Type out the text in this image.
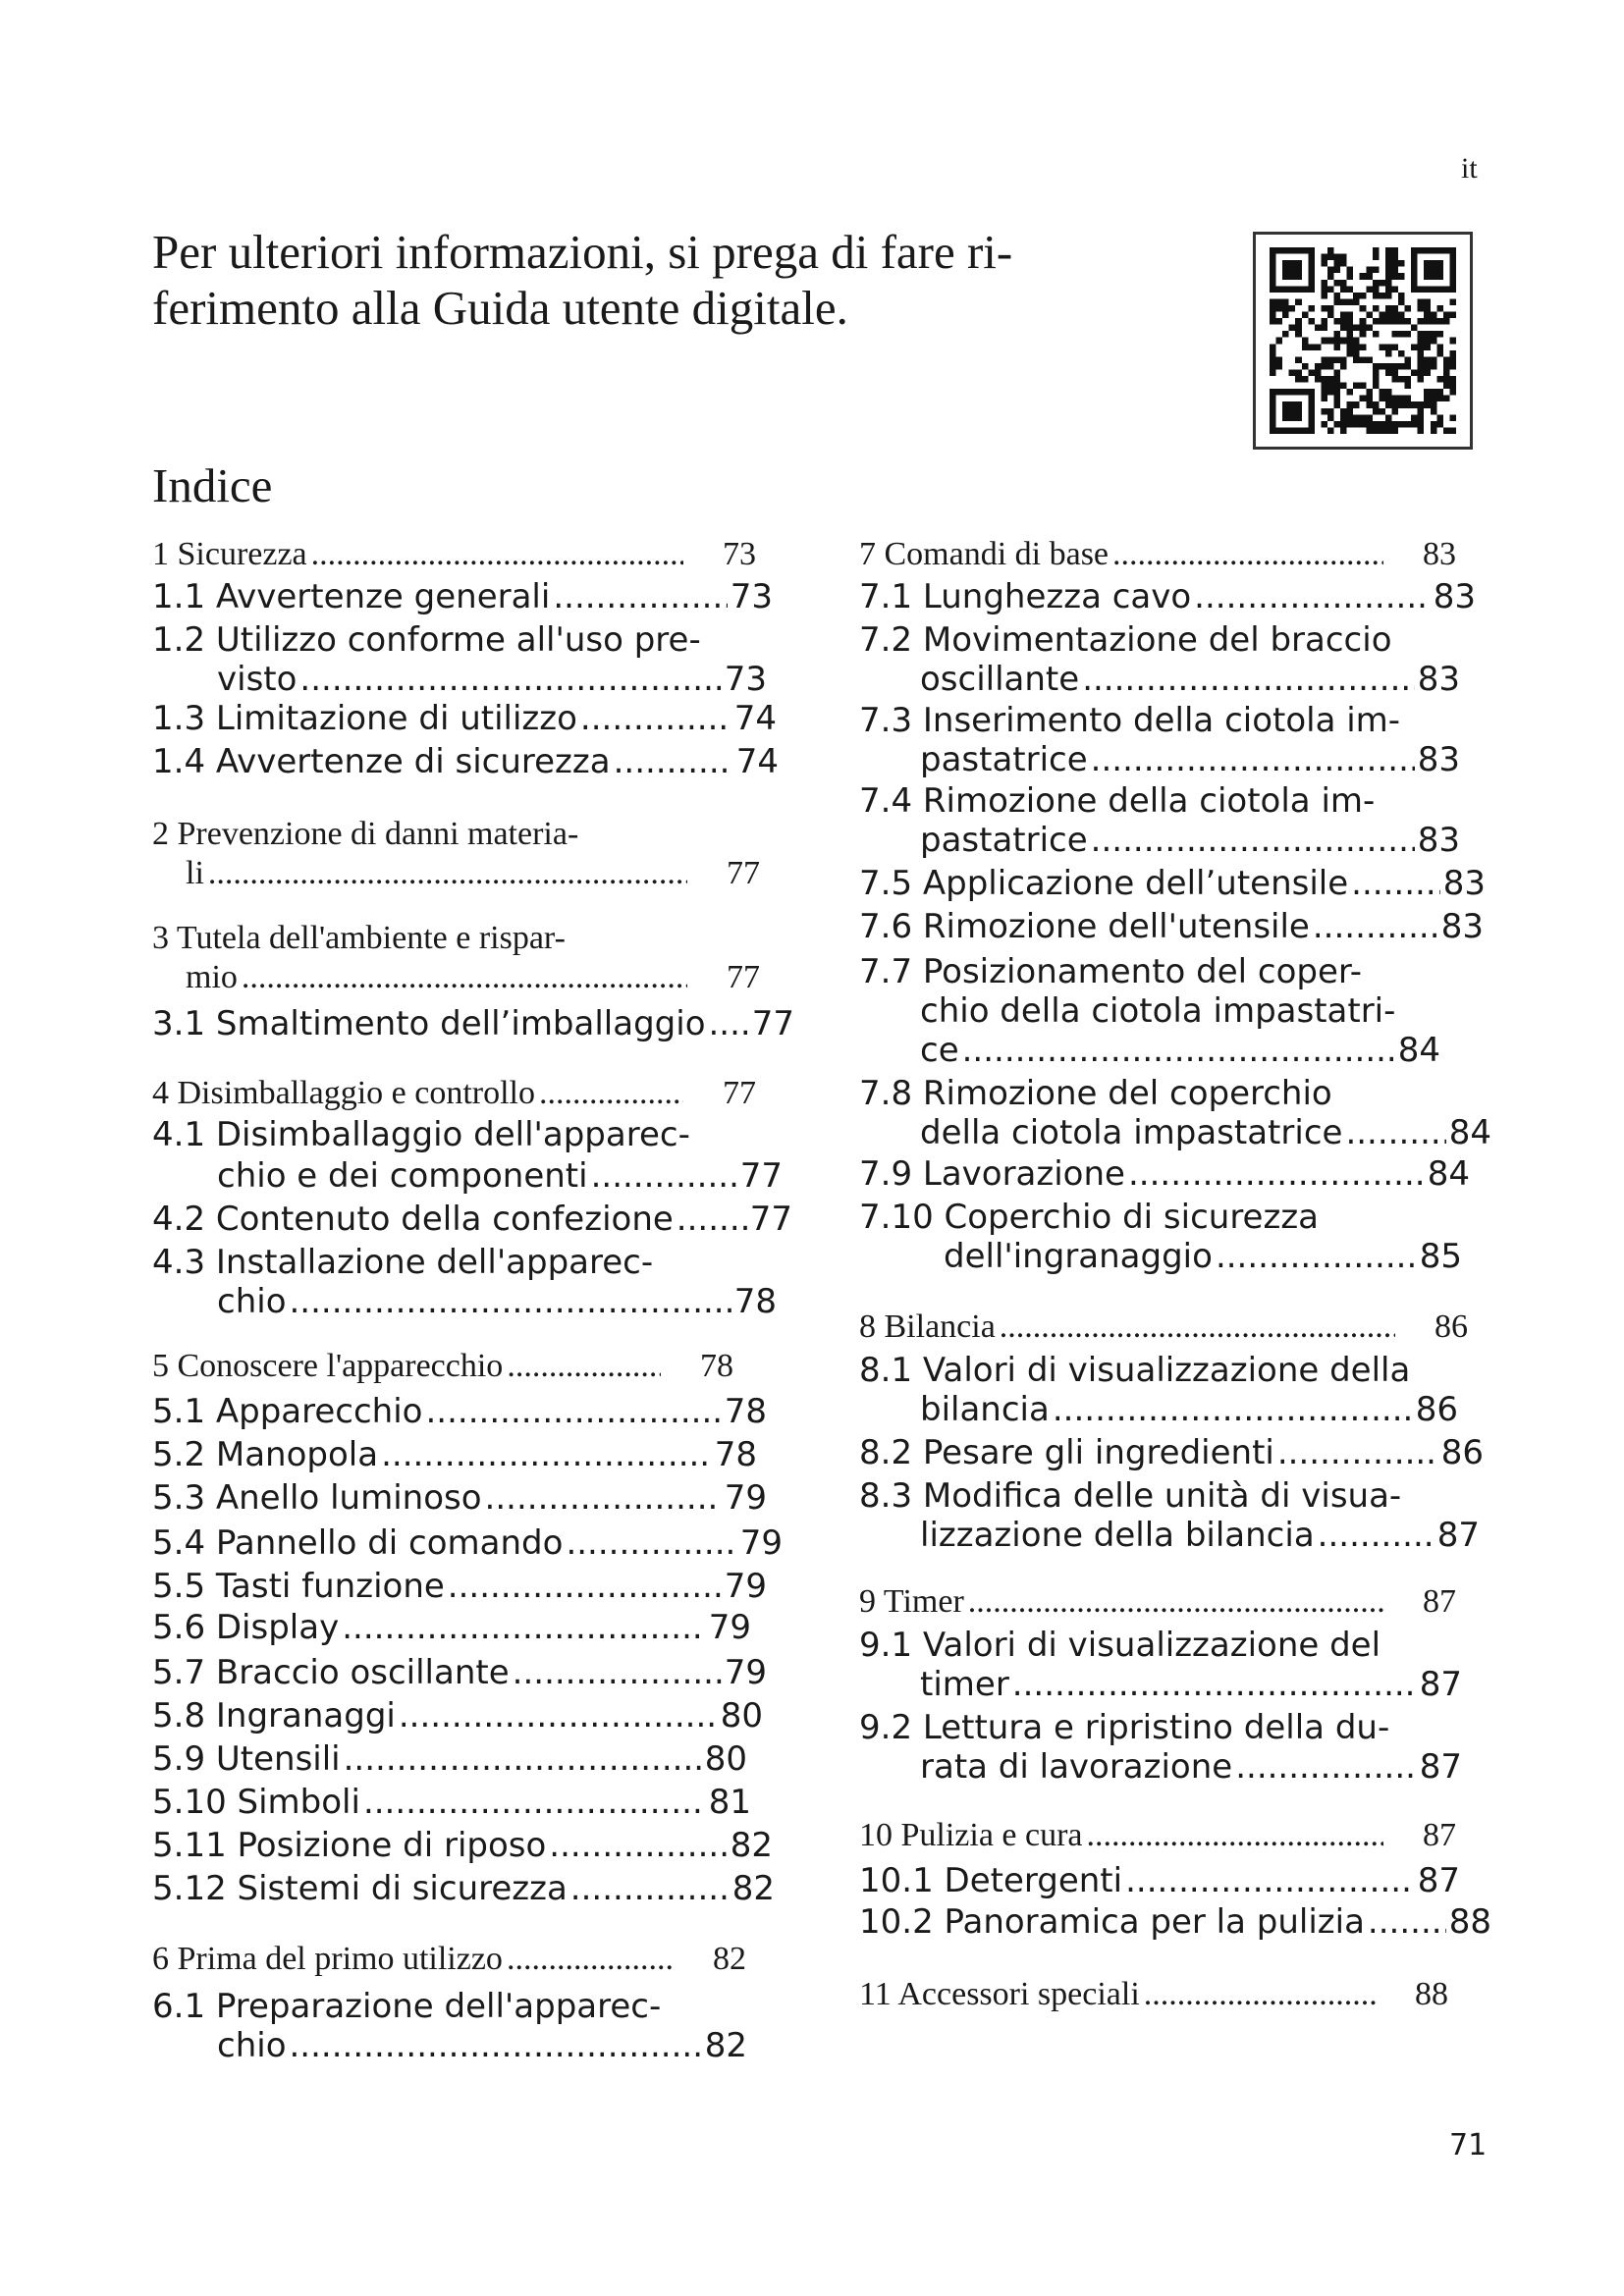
it
Per ulteriori informazioni, si prega di fare ri-
ferimento alla Guida utente digitale.
Indice
1 Sicurezza .....	73
1.1 Avvertenze generali .....	73
1.2 Utilizzo conforme all'uso pre-
visto .....	73
1.3 Limitazione di utilizzo .....	74
1.4 Avvertenze di sicurezza .....	74
2 Prevenzione di danni materia-
li .....	77
3 Tutela dell'ambiente e rispar-
mio .....	77
3.1 Smaltimento dell’imballaggio ..... 77
4 Disimballaggio e controllo .....	77
4.1 Disimballaggio dell'apparec-
chio e dei componenti .....	77
4.2 Contenuto della confezione ..... 77
4.3 Installazione dell'apparec-
chio .....	78
5 Conoscere l'apparecchio .....	78
5.1 Apparecchio .....	78
5.2 Manopola .....	78
5.3 Anello luminoso .....	79
5.4 Pannello di comando .....	79
5.5 Tasti funzione .....	79
5.6 Display .....	79
5.7 Braccio oscillante .....	79
5.8 Ingranaggi .....	80
5.9 Utensili .....	80
5.10 Simboli .....	81
5.11 Posizione di riposo .....	82
5.12 Sistemi di sicurezza .....	82
6 Prima del primo utilizzo .....	82
6.1 Preparazione dell'apparec-
chio .....	82
7 Comandi di base .....	83
7.1 Lunghezza cavo .....	83
7.2 Movimentazione del braccio
oscillante .....	83
7.3 Inserimento della ciotola im-
pastatrice .....	83
7.4 Rimozione della ciotola im-
pastatrice .....	83
7.5 Applicazione dell’utensile .....	83
7.6 Rimozione dell'utensile .....	83
7.7 Posizionamento del coper-
chio della ciotola impastatri-
ce .....	84
7.8 Rimozione del coperchio
della ciotola impastatrice .....	84
7.9 Lavorazione .....	84
7.10 Coperchio di sicurezza
dell'ingranaggio .....	85
8 Bilancia .....	86
8.1 Valori di visualizzazione della
bilancia .....	86
8.2 Pesare gli ingredienti .....	86
8.3 Modifica delle unità di visua-
lizzazione della bilancia .....	87
9 Timer .....	87
9.1 Valori di visualizzazione del
timer .....	87
9.2 Lettura e ripristino della du-
rata di lavorazione .....	87
10 Pulizia e cura .....	87
10.1 Detergenti .....	87
10.2 Panoramica per la pulizia .....	88
11 Accessori speciali .....	88
71
